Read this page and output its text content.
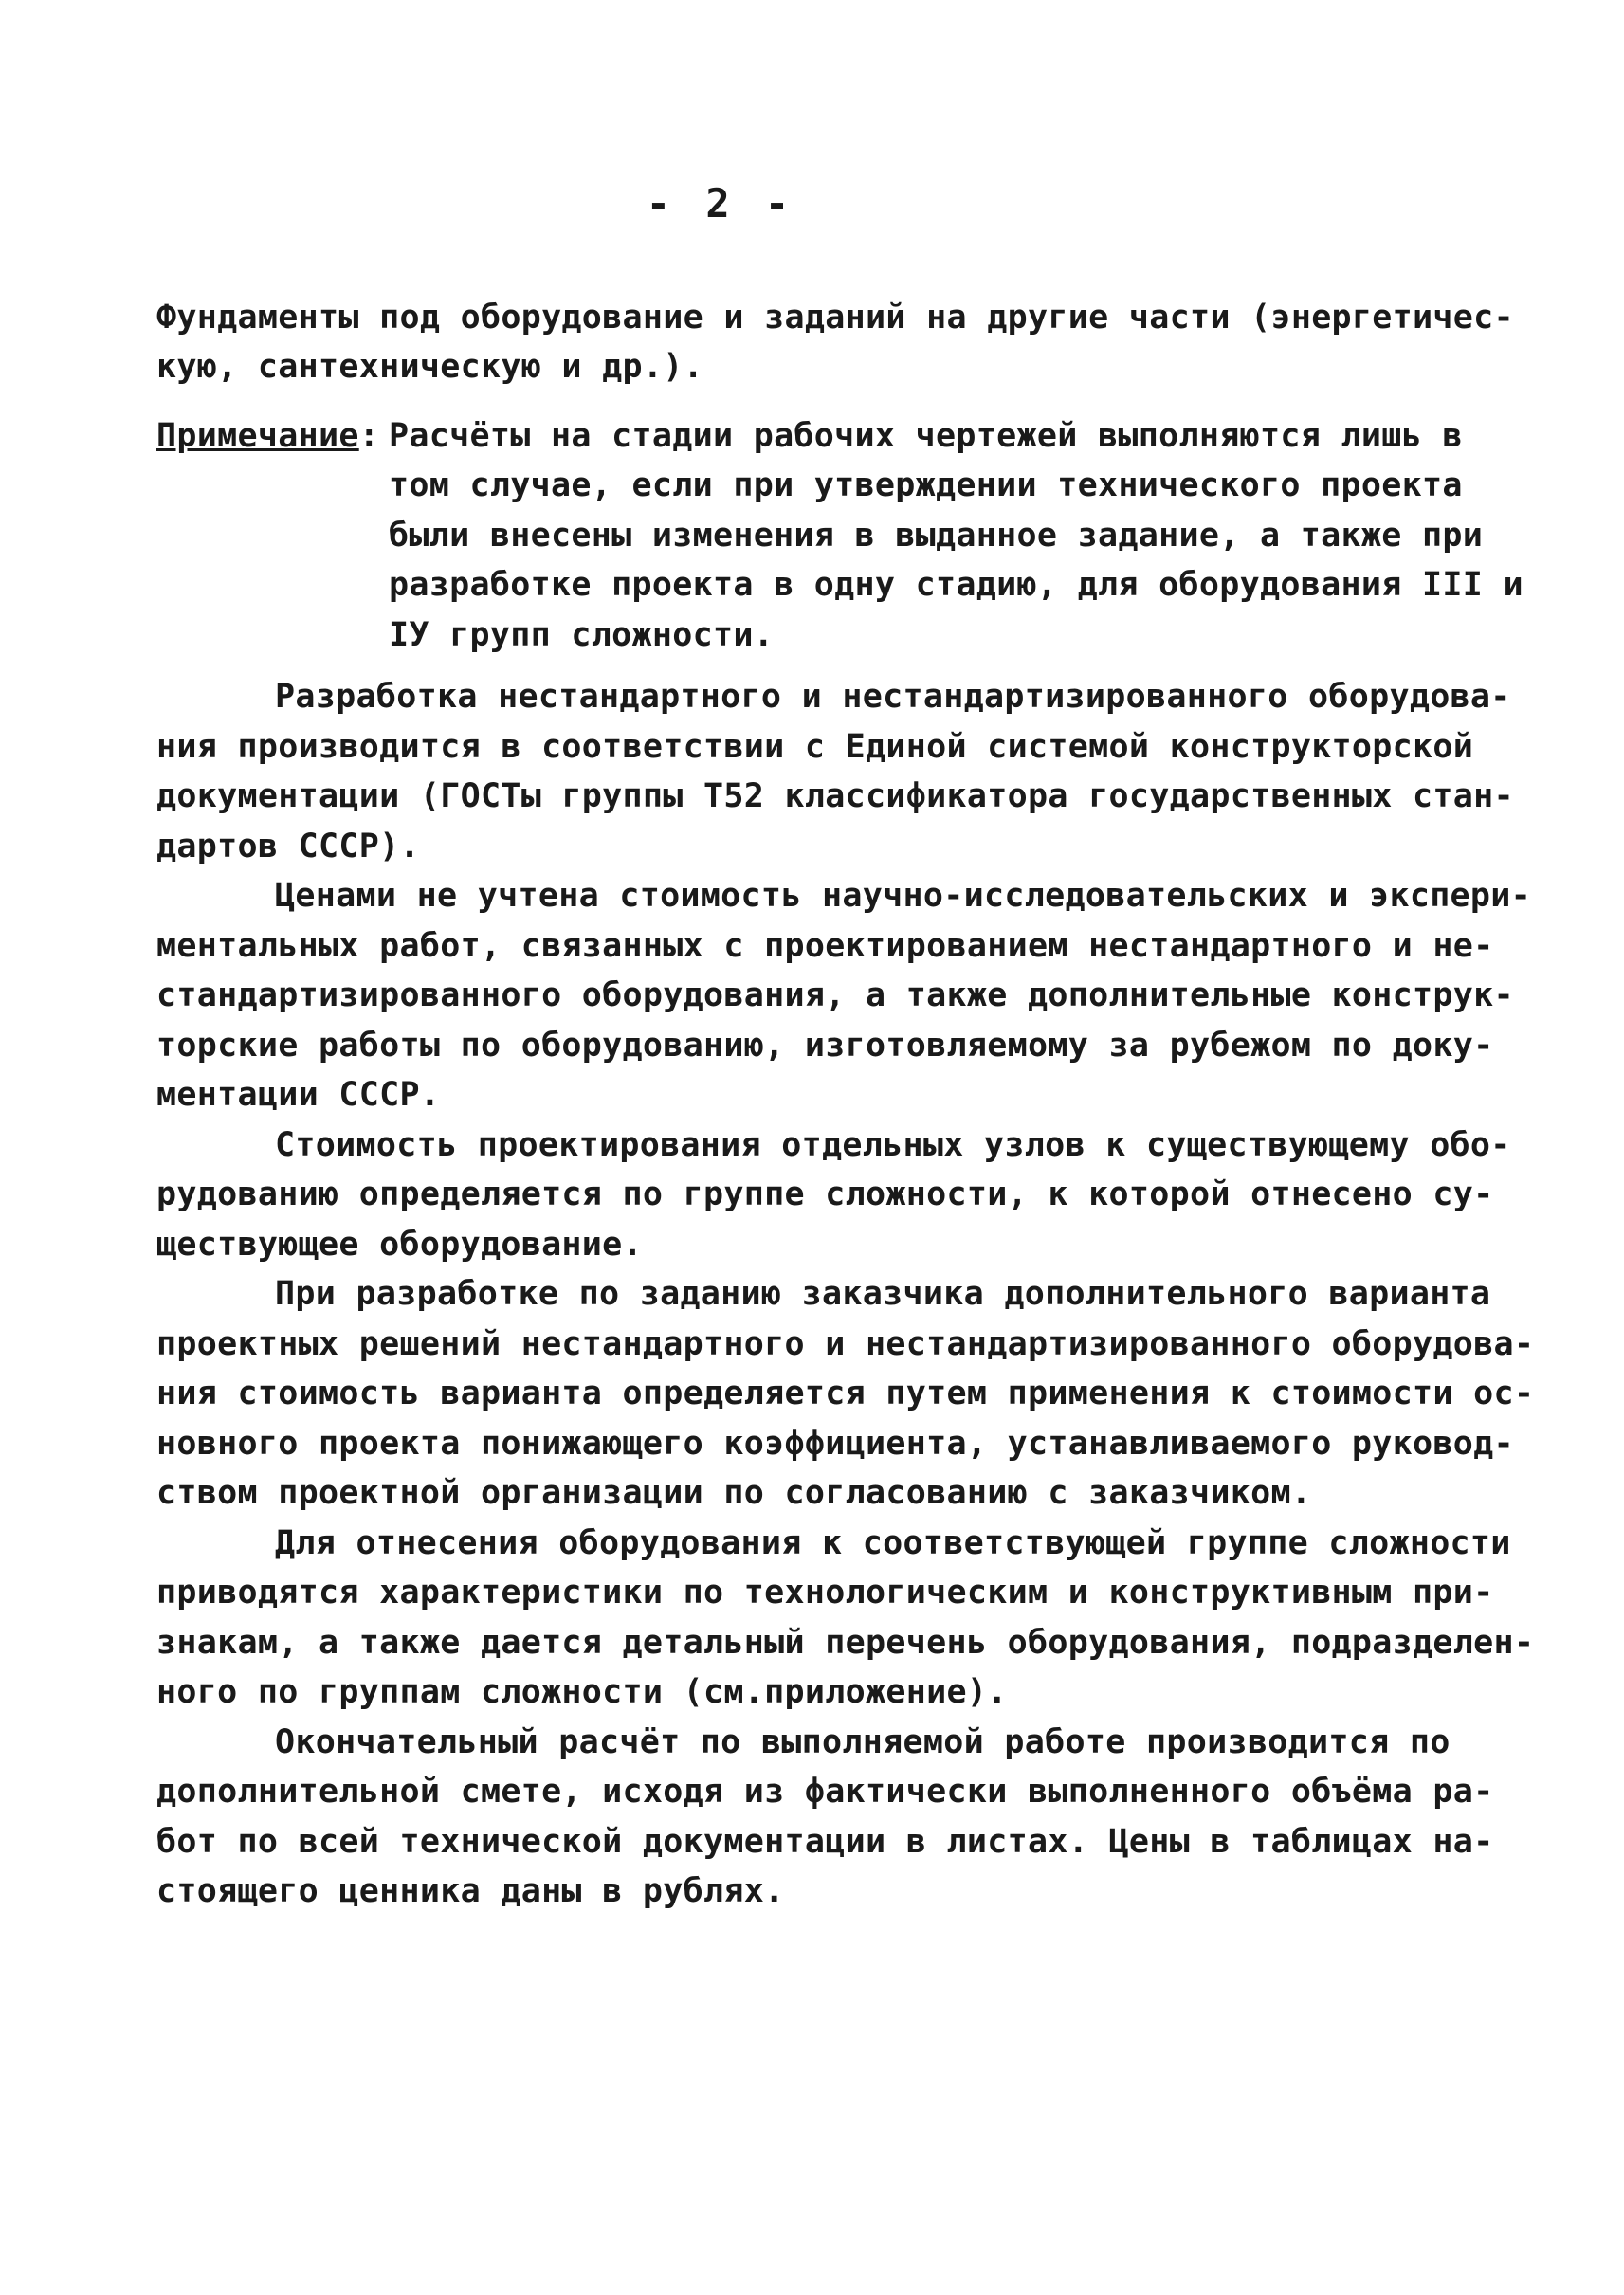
- 2 -
Фундаменты под оборудование и заданий на другие части (энергетичес-
кую, сантехническую и др.).
Примечание: Расчёты на стадии рабочих чертежей выполняются лишь в
том случае, если при утверждении технического проекта
были внесены изменения в выданное задание, а также при
разработке проекта в одну стадию, для оборудования III и
IУ групп сложности.
Разработка нестандартного и нестандартизированного оборудова-
ния производится в соответствии с Единой системой конструкторской
документации (ГОСТы группы Т52 классификатора государственных стан-
дартов СССР).
Ценами не учтена стоимость научно-исследовательских и экспери-
ментальных работ, связанных с проектированием нестандартного и не-
стандартизированного оборудования, а также дополнительные конструк-
торские работы по оборудованию, изготовляемому за рубежом по доку-
ментации СССР.
Стоимость проектирования отдельных узлов к существующему обо-
рудованию определяется по группе сложности, к которой отнесено су-
ществующее оборудование.
При разработке по заданию заказчика дополнительного варианта
проектных решений нестандартного и нестандартизированного оборудова-
ния стоимость варианта определяется путем применения к стоимости ос-
новного проекта понижающего коэффициента, устанавливаемого руковод-
ством проектной организации по согласованию с заказчиком.
Для отнесения оборудования к соответствующей группе сложности
приводятся характеристики по технологическим и конструктивным при-
знакам, а также дается детальный перечень оборудования, подразделен-
ного по группам сложности (см.приложение).
Окончательный расчёт по выполняемой работе производится по
дополнительной смете, исходя из фактически выполненного объёма ра-
бот по всей технической документации в листах. Цены в таблицах на-
стоящего ценника даны в рублях.
